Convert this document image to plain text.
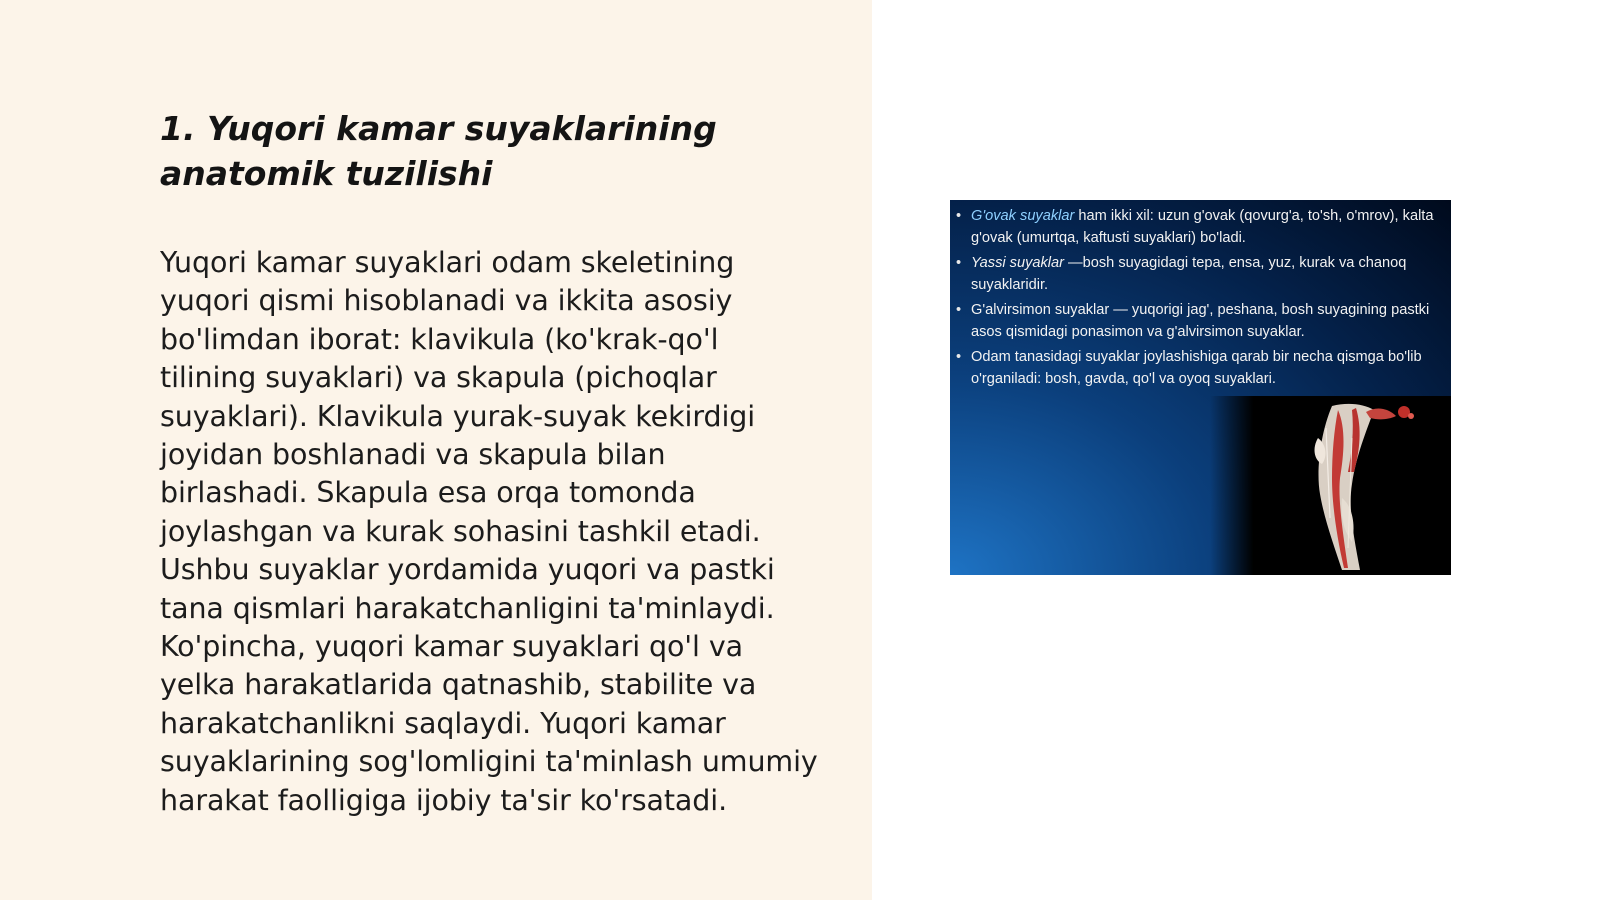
1. Yuqori kamar suyaklarining anatomik tuzilishi

Yuqori kamar suyaklari odam skeletining yuqori qismi hisoblanadi va ikkita asosiy bo'limdan iborat: klavikula (ko'krak-qo'l tilining suyaklari) va skapula (pichoqlar suyaklari). Klavikula yurak-suyak kekirdigi joyidan boshlanadi va skapula bilan birlashadi. Skapula esa orqa tomonda joylashgan va kurak sohasini tashkil etadi. Ushbu suyaklar yordamida yuqori va pastki tana qismlari harakatchanligini ta'minlaydi. Ko'pincha, yuqori kamar suyaklari qo'l va yelka harakatlarida qatnashib, stabilite va harakatchanlikni saqlaydi. Yuqori kamar suyaklarining sog'lomligini ta'minlash umumiy harakat faolligiga ijobiy ta'sir ko'rsatadi.

• G'ovak suyaklar ham ikki xil: uzun g'ovak (qovurg'a, to'sh, o'mrov), kalta g'ovak (umurtqa, kaftusti suyaklari) bo'ladi.
• Yassi suyaklar —bosh suyagidagi tepa, ensa, yuz, kurak va chanoq suyaklaridir.
• G'alvirsimon suyaklar — yuqorigi jag', peshana, bosh suyagining pastki asos qismidagi ponasimon va g'alvirsimon suyaklar.
• Odam tanasidagi suyaklar joylashishiga qarab bir necha qismga bo'lib o'rganiladi: bosh, gavda, qo'l va oyoq suyaklari.
